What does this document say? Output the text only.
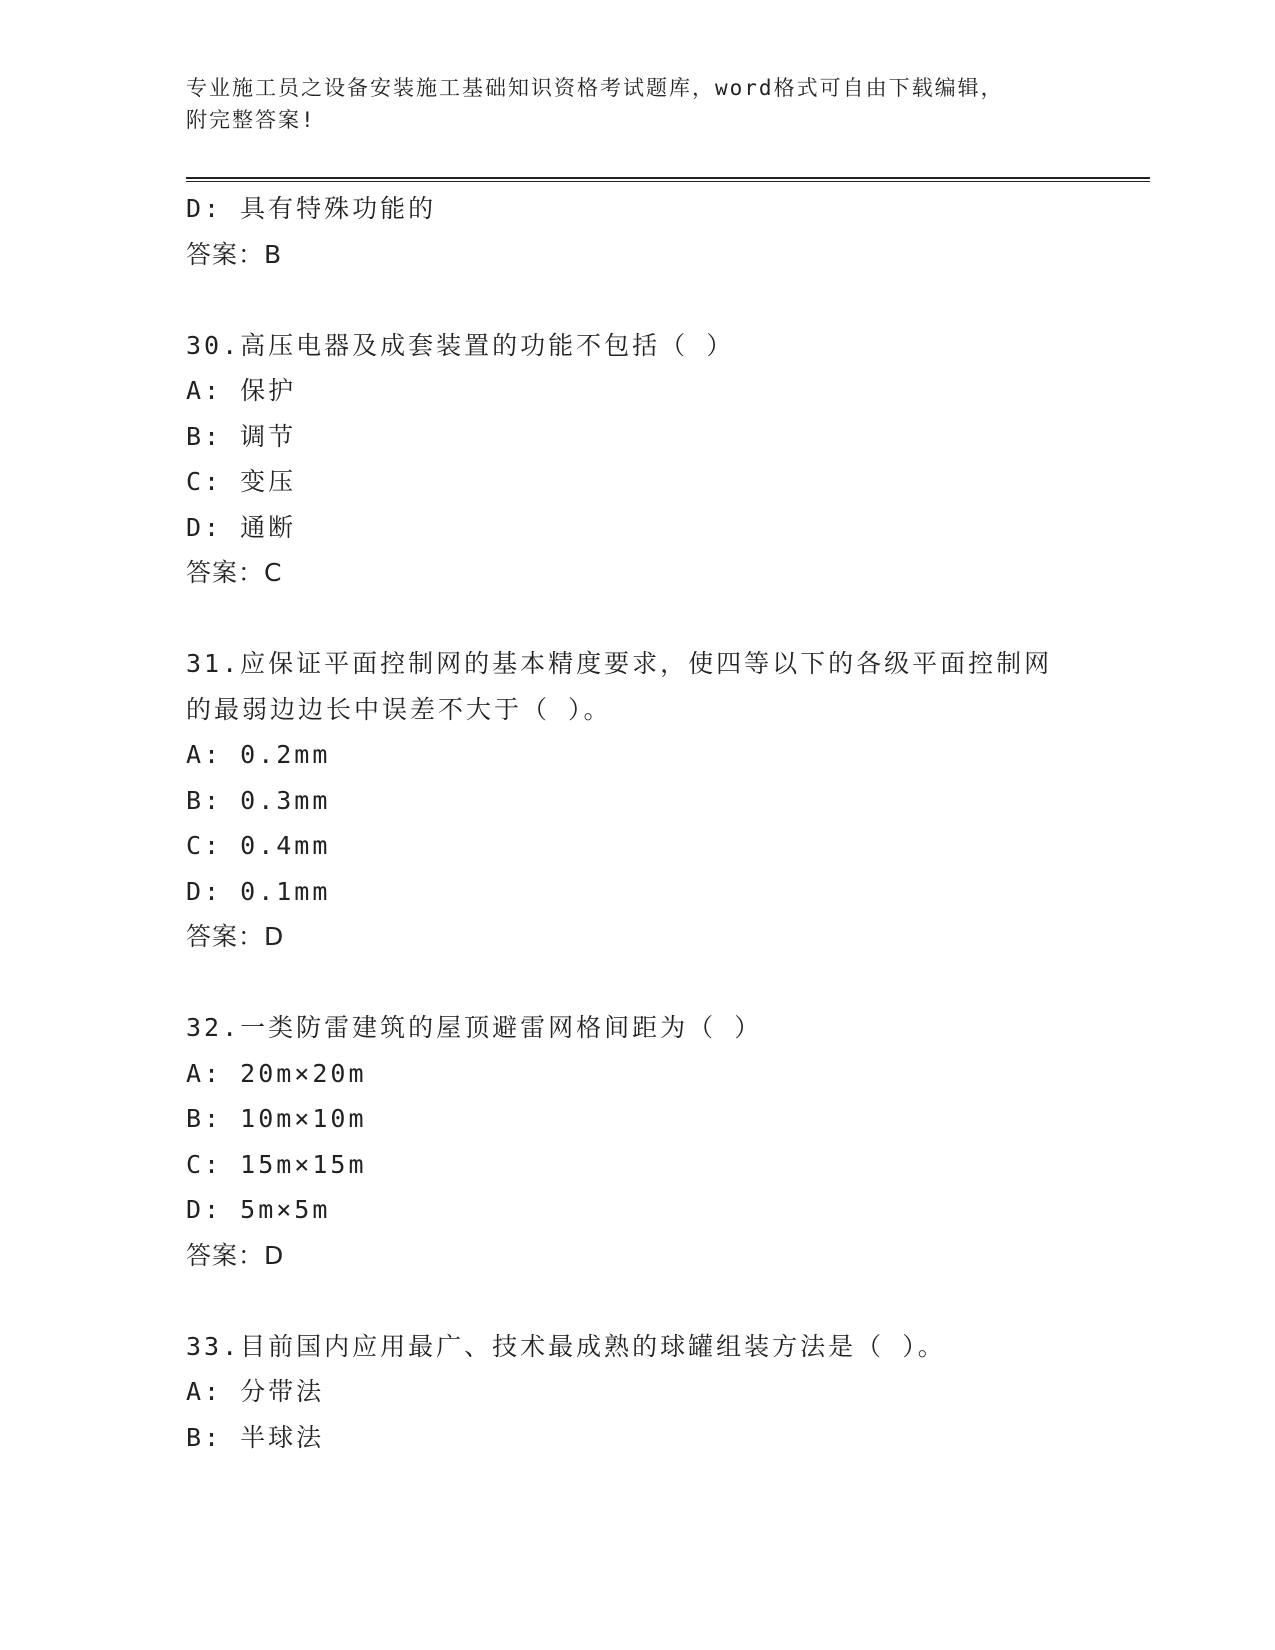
专业施工员之设备安装施工基础知识资格考试题库，word格式可自由下载编辑，
附完整答案!
D: 具有特殊功能的
答案：B
30.高压电器及成套装置的功能不包括（ ）
A: 保护
B: 调节
C: 变压
D: 通断
答案：C
31.应保证平面控制网的基本精度要求，使四等以下的各级平面控制网
的最弱边边长中误差不大于（ ）。
A: 0.2mm
B: 0.3mm
C: 0.4mm
D: 0.1mm
答案：D
32.一类防雷建筑的屋顶避雷网格间距为（ ）
A: 20m×20m
B: 10m×10m
C: 15m×15m
D: 5m×5m
答案：D
33.目前国内应用最广、技术最成熟的球罐组装方法是（ ）。
A: 分带法
B: 半球法
